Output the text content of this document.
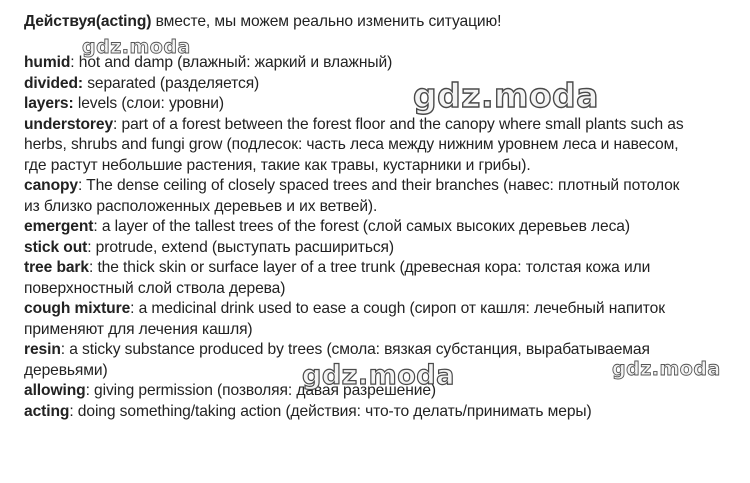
Действуя(acting) вместе, мы можем реально изменить ситуацию!

humid: hot and damp (влажный: жаркий и влажный)
divided: separated (разделяется)
layers: levels (слои: уровни)
understorey: part of a forest between the forest floor and the canopy where small plants such as
herbs, shrubs and fungi grow (подлесок: часть леса между нижним уровнем леса и навесом,
где растут небольшие растения, такие как травы, кустарники и грибы).
canopy: The dense ceiling of closely spaced trees and their branches (навес: плотный потолок
из близко расположенных деревьев и их ветвей).
emergent: a layer of the tallest trees of the forest (слой самых высоких деревьев леса)
stick out: protrude, extend (выступать расшириться)
tree bark: the thick skin or surface layer of a tree trunk (древесная кора: толстая кожа или
поверхностный слой ствола дерева)
cough mixture: a medicinal drink used to ease a cough (сироп от кашля: лечебный напиток
применяют для лечения кашля)
resin: a sticky substance produced by trees (смола: вязкая субстанция, вырабатываемая
деревьями)
allowing: giving permission (позволяя: давая разрешение)
acting: doing something/taking action (действия: что-то делать/принимать меры)
gdz.moda
gdz.moda
gdz.moda	gdz.moda
